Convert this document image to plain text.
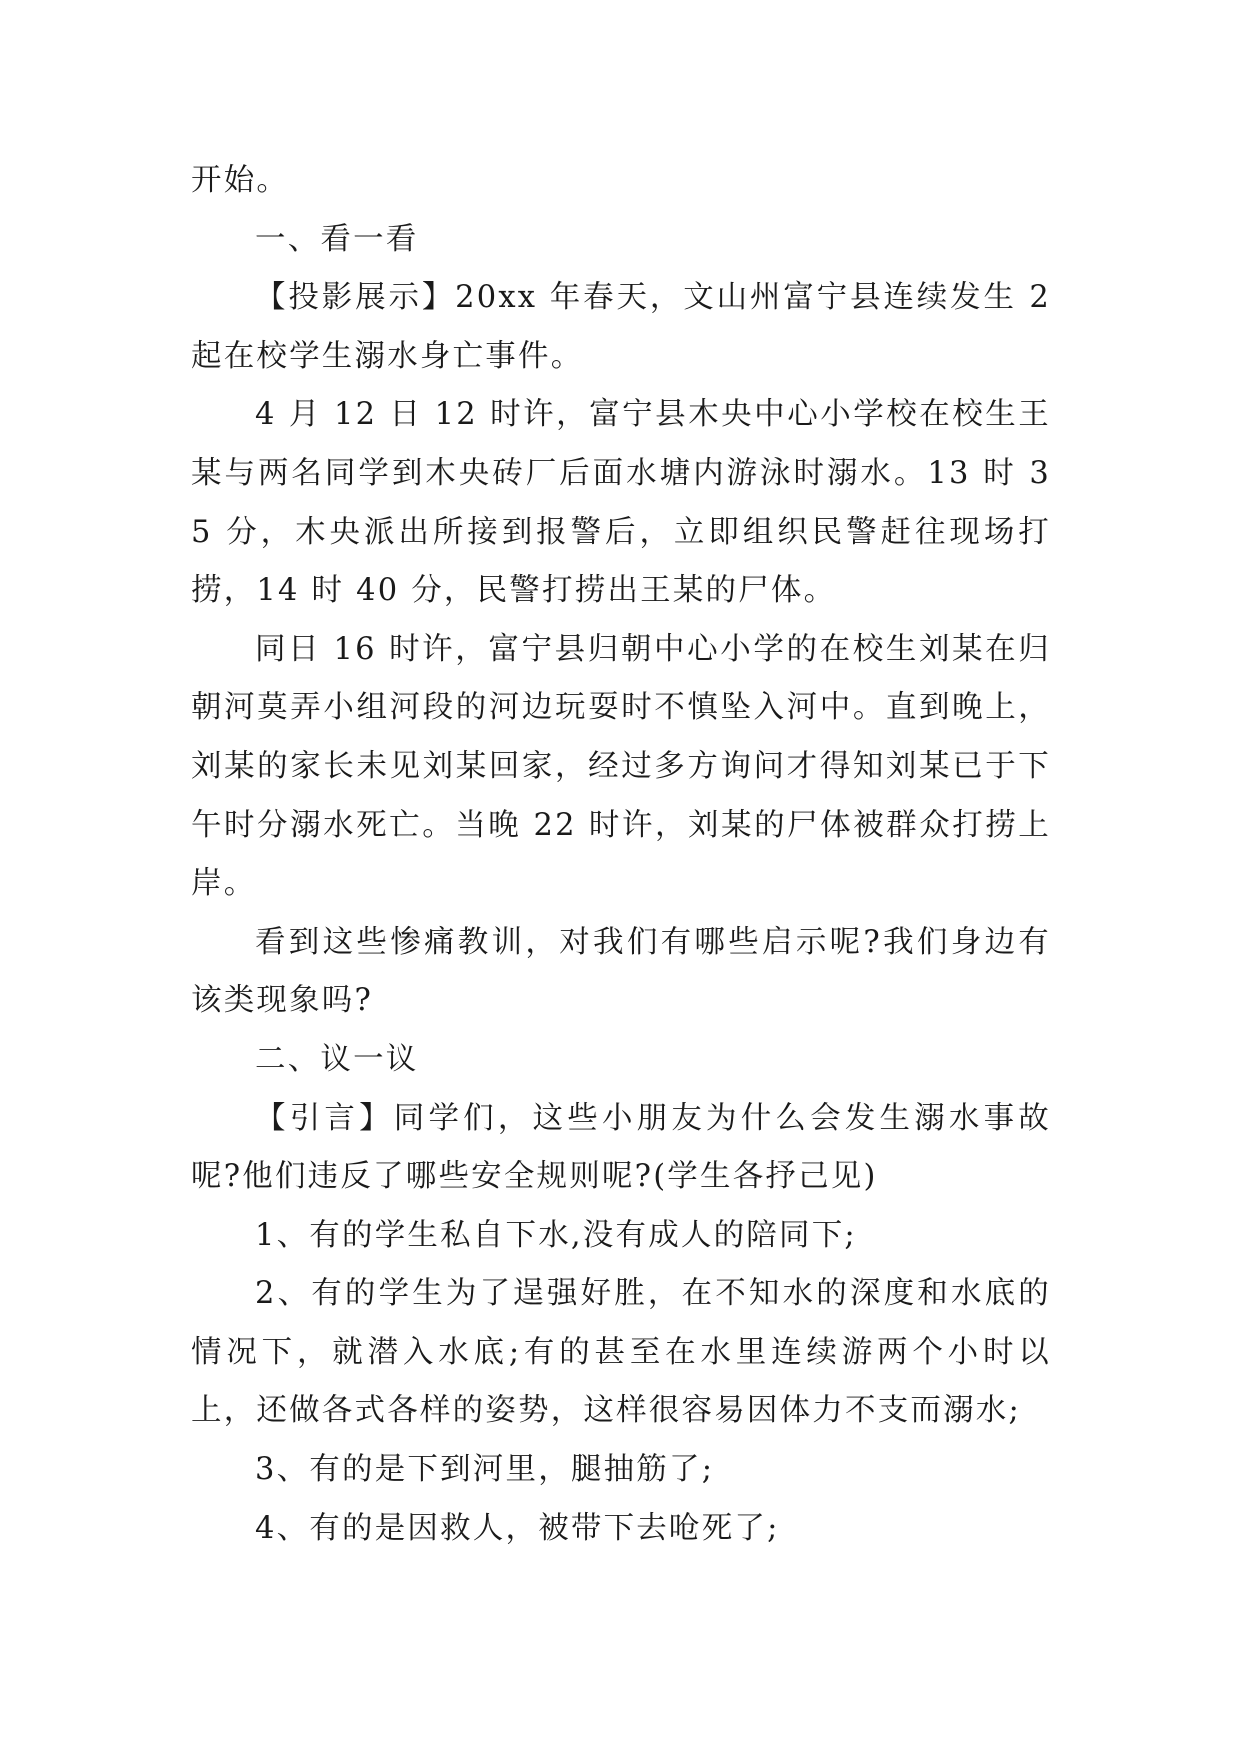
开始。

一、看一看

【投影展示】20xx 年春天，文山州富宁县连续发生 2 起在校学生溺水身亡事件。

4 月 12 日 12 时许，富宁县木央中心小学校在校生王某与两名同学到木央砖厂后面水塘内游泳时溺水。13 时 35 分，木央派出所接到报警后，立即组织民警赶往现场打捞，14 时 40 分，民警打捞出王某的尸体。

同日 16 时许，富宁县归朝中心小学的在校生刘某在归朝河莫弄小组河段的河边玩耍时不慎坠入河中。直到晚上，刘某的家长未见刘某回家，经过多方询问才得知刘某已于下午时分溺水死亡。当晚 22 时许，刘某的尸体被群众打捞上岸。

看到这些惨痛教训，对我们有哪些启示呢?我们身边有该类现象吗?

二、议一议

【引言】同学们，这些小朋友为什么会发生溺水事故呢?他们违反了哪些安全规则呢?(学生各抒己见)

1、有的学生私自下水,没有成人的陪同下;

2、有的学生为了逞强好胜，在不知水的深度和水底的情况下，就潜入水底;有的甚至在水里连续游两个小时以上，还做各式各样的姿势，这样很容易因体力不支而溺水;

3、有的是下到河里，腿抽筋了;

4、有的是因救人，被带下去呛死了;
